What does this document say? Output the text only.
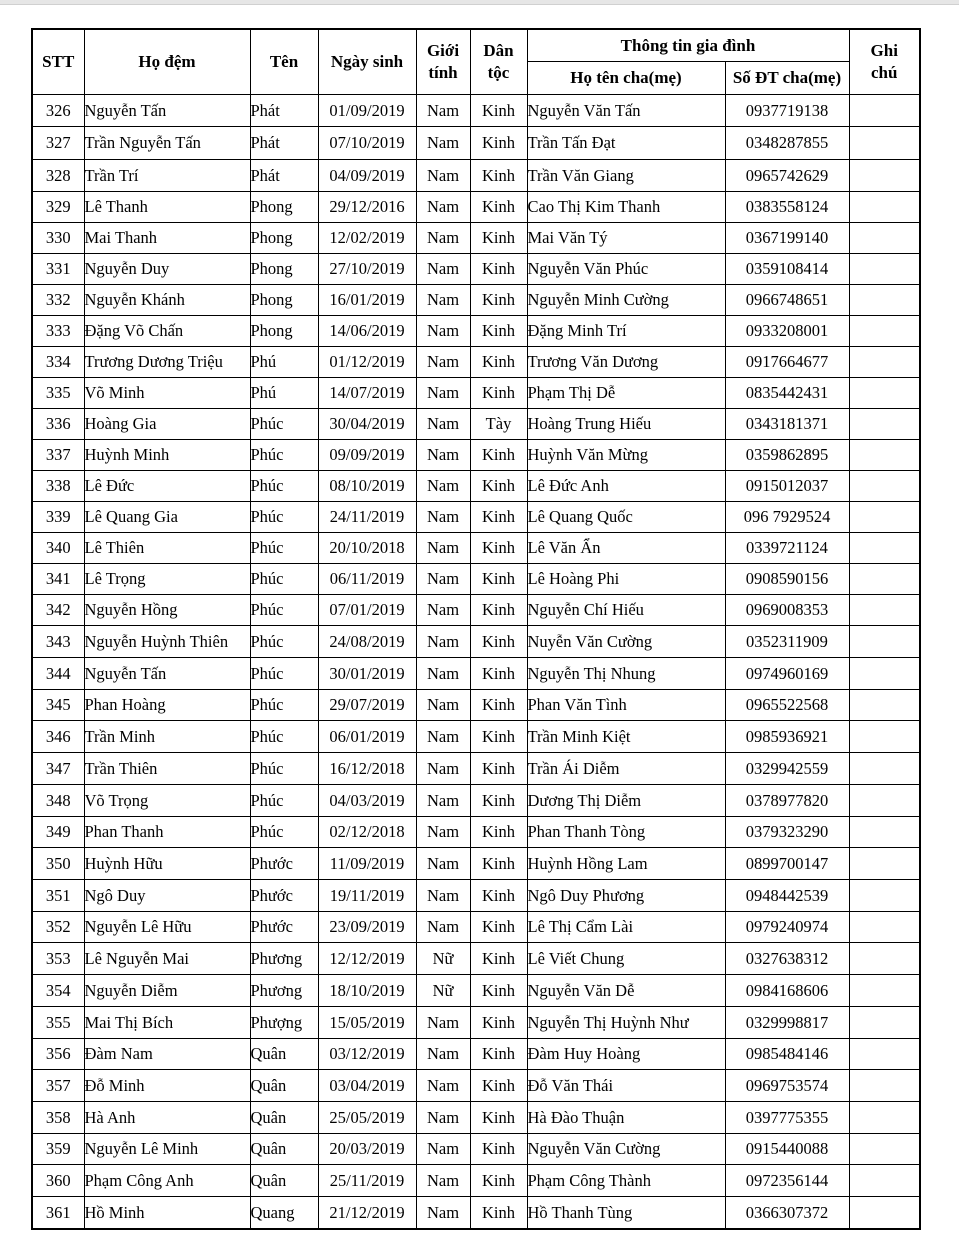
STT	Họ đệm	Tên	Ngày sinh	Giới tính	Dân tộc	Thông tin gia đình		Ghi chú
						Họ tên cha(mẹ)	Số ĐT cha(mẹ)	
326	Nguyễn Tấn	Phát	01/09/2019	Nam	Kinh	Nguyễn Văn Tấn	0937719138	
327	Trần Nguyễn Tấn	Phát	07/10/2019	Nam	Kinh	Trần Tấn Đạt	0348287855	
328	Trần Trí	Phát	04/09/2019	Nam	Kinh	Trần Văn Giang	0965742629	
329	Lê Thanh	Phong	29/12/2016	Nam	Kinh	Cao Thị Kim Thanh	0383558124	
330	Mai Thanh	Phong	12/02/2019	Nam	Kinh	Mai Văn Tý	0367199140	
331	Nguyễn Duy	Phong	27/10/2019	Nam	Kinh	Nguyễn Văn Phúc	0359108414	
332	Nguyễn Khánh	Phong	16/01/2019	Nam	Kinh	Nguyễn Minh Cường	0966748651	
333	Đặng Võ Chấn	Phong	14/06/2019	Nam	Kinh	Đặng Minh Trí	0933208001	
334	Trương Dương Triệu	Phú	01/12/2019	Nam	Kinh	Trương Văn Dương	0917664677	
335	Võ Minh	Phú	14/07/2019	Nam	Kinh	Phạm Thị Dễ	0835442431	
336	Hoàng Gia	Phúc	30/04/2019	Nam	Tày	Hoàng Trung Hiếu	0343181371	
337	Huỳnh Minh	Phúc	09/09/2019	Nam	Kinh	Huỳnh Văn Mừng	0359862895	
338	Lê Đức	Phúc	08/10/2019	Nam	Kinh	Lê Đức Anh	0915012037	
339	Lê Quang Gia	Phúc	24/11/2019	Nam	Kinh	Lê Quang Quốc	096 7929524	
340	Lê Thiên	Phúc	20/10/2018	Nam	Kinh	Lê Văn Ẩn	0339721124	
341	Lê Trọng	Phúc	06/11/2019	Nam	Kinh	Lê Hoàng Phi	0908590156	
342	Nguyễn Hồng	Phúc	07/01/2019	Nam	Kinh	Nguyễn Chí Hiếu	0969008353	
343	Nguyễn Huỳnh Thiên	Phúc	24/08/2019	Nam	Kinh	Nuyễn Văn Cường	0352311909	
344	Nguyễn Tấn	Phúc	30/01/2019	Nam	Kinh	Nguyễn Thị Nhung	0974960169	
345	Phan Hoàng	Phúc	29/07/2019	Nam	Kinh	Phan Văn Tình	0965522568	
346	Trần Minh	Phúc	06/01/2019	Nam	Kinh	Trần Minh Kiệt	0985936921	
347	Trần Thiên	Phúc	16/12/2018	Nam	Kinh	Trần Ái Diễm	0329942559	
348	Võ Trọng	Phúc	04/03/2019	Nam	Kinh	Dương Thị Diễm	0378977820	
349	Phan Thanh	Phúc	02/12/2018	Nam	Kinh	Phan Thanh Tòng	0379323290	
350	Huỳnh Hữu	Phước	11/09/2019	Nam	Kinh	Huỳnh Hồng Lam	0899700147	
351	Ngô Duy	Phước	19/11/2019	Nam	Kinh	Ngô Duy Phương	0948442539	
352	Nguyễn Lê Hữu	Phước	23/09/2019	Nam	Kinh	Lê Thị Cẩm Lài	0979240974	
353	Lê Nguyễn Mai	Phương	12/12/2019	Nữ	Kinh	Lê Viết Chung	0327638312	
354	Nguyễn Diễm	Phương	18/10/2019	Nữ	Kinh	Nguyễn Văn Dễ	0984168606	
355	Mai Thị Bích	Phượng	15/05/2019	Nam	Kinh	Nguyễn Thị Huỳnh Như	0329998817	
356	Đàm Nam	Quân	03/12/2019	Nam	Kinh	Đàm Huy Hoàng	0985484146	
357	Đỗ Minh	Quân	03/04/2019	Nam	Kinh	Đỗ Văn Thái	0969753574	
358	Hà Anh	Quân	25/05/2019	Nam	Kinh	Hà Đào Thuận	0397775355	
359	Nguyễn Lê Minh	Quân	20/03/2019	Nam	Kinh	Nguyễn Văn Cường	0915440088	
360	Phạm Công Anh	Quân	25/11/2019	Nam	Kinh	Phạm Công Thành	0972356144	
361	Hồ Minh	Quang	21/12/2019	Nam	Kinh	Hồ Thanh Tùng	0366307372	
